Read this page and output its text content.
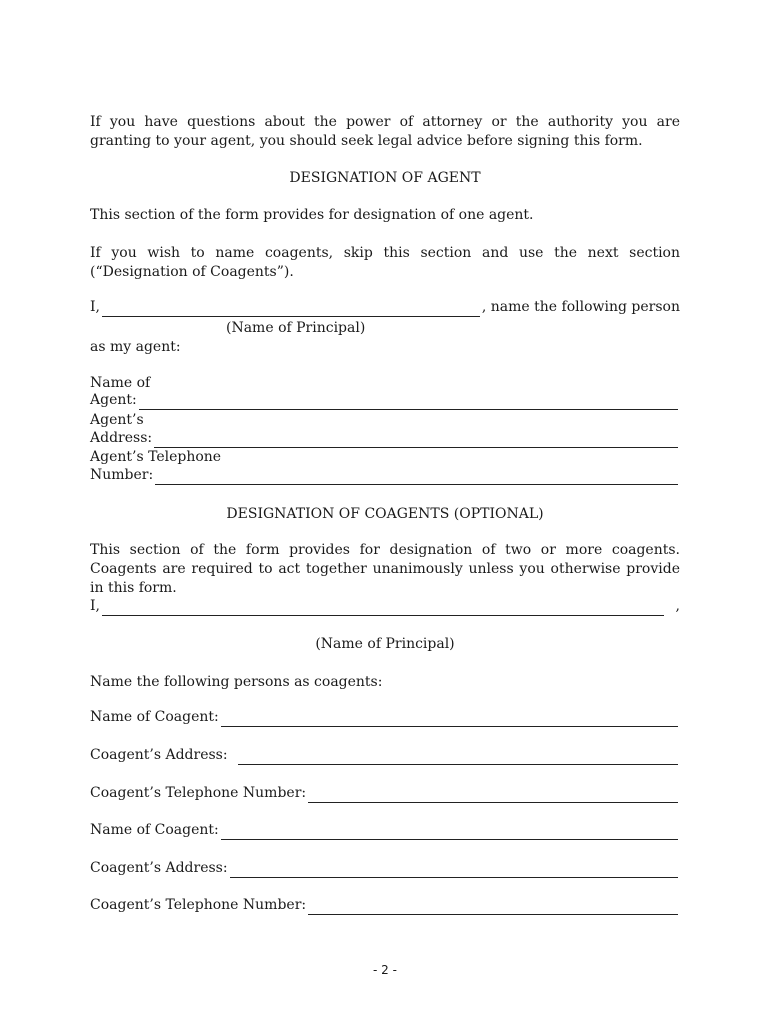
If you have questions about the power of attorney or the authority you are granting to your agent, you should seek legal advice before signing this form.
DESIGNATION OF AGENT
This section of the form provides for designation of one agent.
If you wish to name coagents, skip this section and use the next section (“Designation of Coagents”).
I,	, name the following person
(Name of Principal)
as my agent:
Name of
Agent:
Agent’s
Address:
Agent’s Telephone
Number:
DESIGNATION OF COAGENTS (OPTIONAL)
This section of the form provides for designation of two or more coagents. Coagents are required to act together unanimously unless you otherwise provide in this form.
I,	,
(Name of Principal)
Name the following persons as coagents:
Name of Coagent:
Coagent’s Address:
Coagent’s Telephone Number:
Name of Coagent:
Coagent’s Address:
Coagent’s Telephone Number:
- 2 -
